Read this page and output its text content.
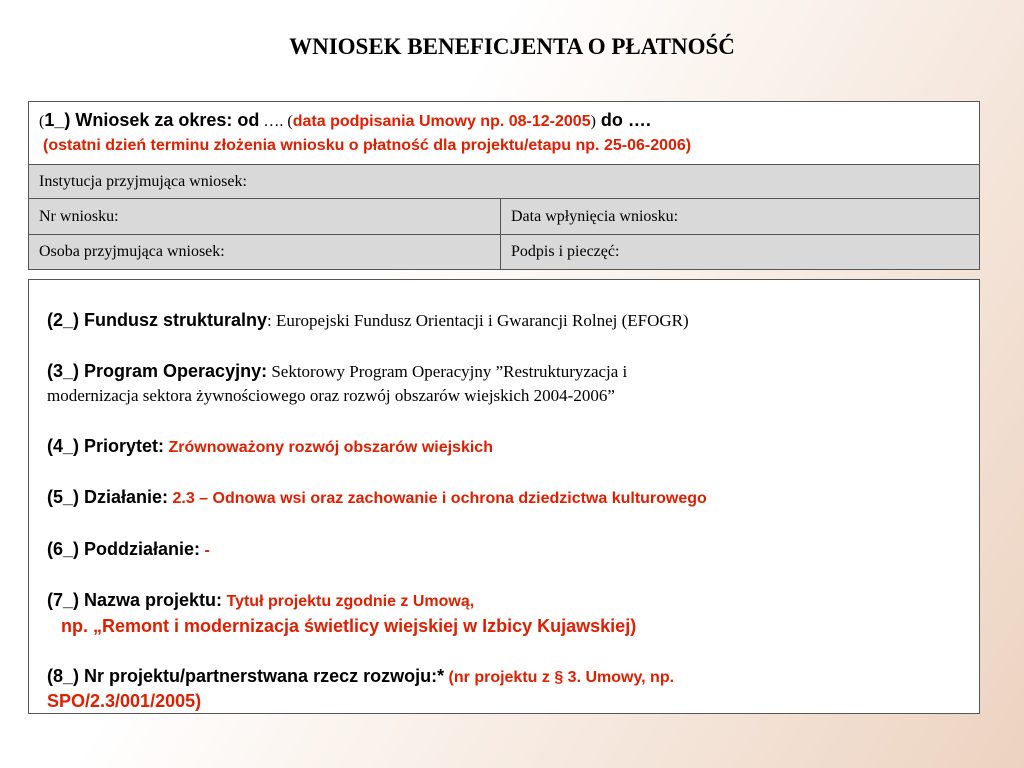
WNIOSEK BENEFICJENTA O PŁATNOŚĆ
(1_) Wniosek za okres: od …. (data podpisania Umowy np. 08-12-2005) do ….
(ostatni dzień terminu złożenia wniosku o płatność dla projektu/etapu np. 25-06-2006)
Instytucja przyjmująca wniosek:
Nr wniosku:	Data wpłynięcia wniosku:
Osoba przyjmująca wniosek:	Podpis i pieczęć:
(2_) Fundusz strukturalny: Europejski Fundusz Orientacji i Gwarancji Rolnej (EFOGR)
(3_) Program Operacyjny: Sektorowy Program Operacyjny ”Restrukturyzacja i
modernizacja sektora żywnościowego oraz rozwój obszarów wiejskich 2004-2006”
(4_) Priorytet: Zrównoważony rozwój obszarów wiejskich
(5_) Działanie: 2.3 – Odnowa wsi oraz zachowanie i ochrona dziedzictwa kulturowego
(6_) Poddziałanie: -
(7_) Nazwa projektu: Tytuł projektu zgodnie z Umową,
np. „Remont i modernizacja świetlicy wiejskiej w Izbicy Kujawskiej)
(8_) Nr projektu/partnerstwana rzecz rozwoju:* (nr projektu z § 3. Umowy, np.
SPO/2.3/001/2005)
